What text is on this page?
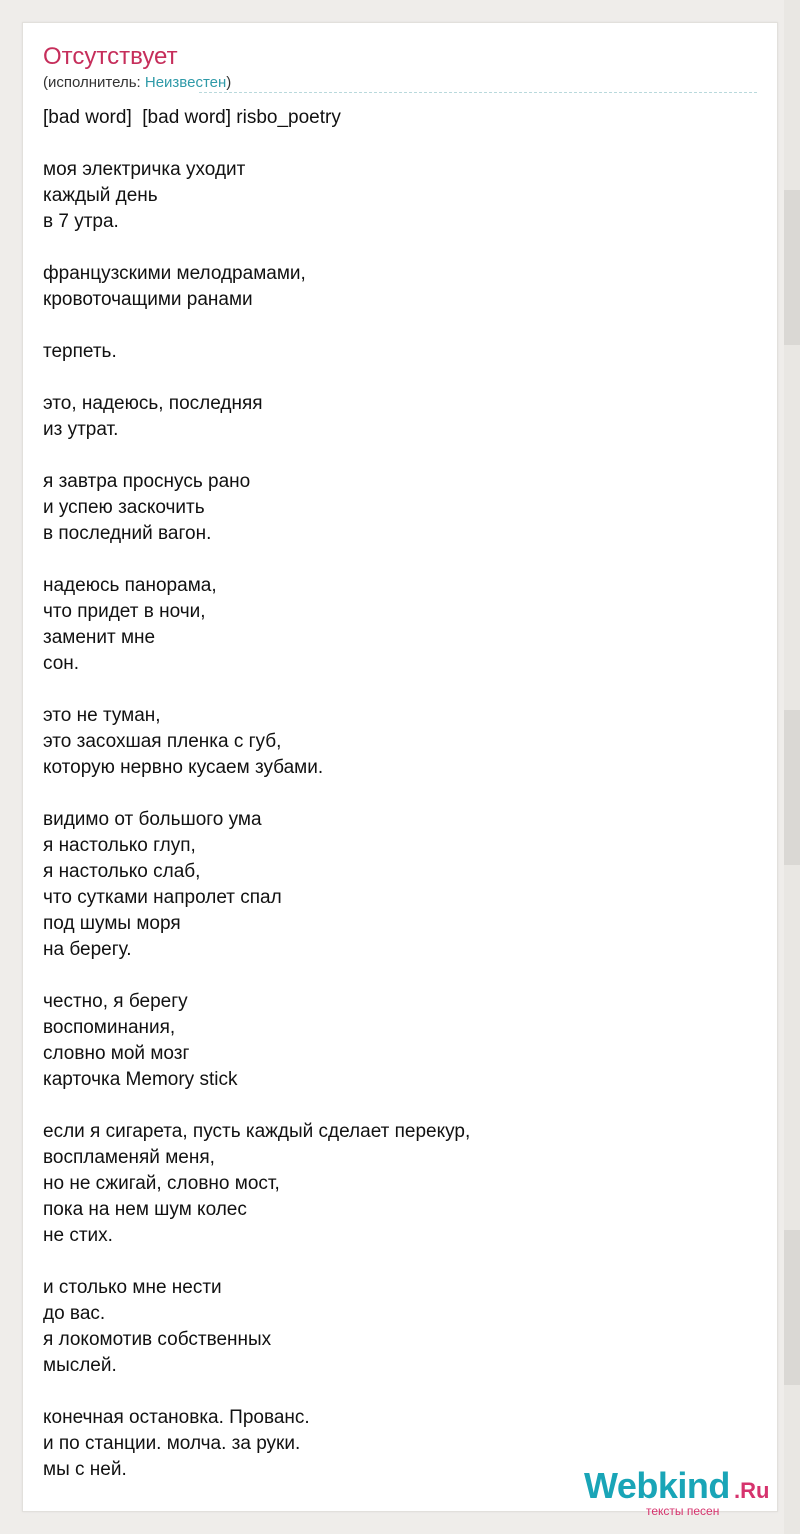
Отсутствует
(исполнитель: Неизвестен)
[bad word]  [bad word] risbo_poetry

моя электричка уходит
каждый день
в 7 утра.

французскими мелодрамами,
кровоточащими ранами

терпеть.

это, надеюсь, последняя
из утрат.

я завтра проснусь рано
и успею заскочить
в последний вагон.

надеюсь панорама,
что придет в ночи,
заменит мне
сон.

это не туман,
это засохшая пленка с губ,
которую нервно кусаем зубами.

видимо от большого ума
я настолько глуп,
я настолько слаб,
что сутками напролет спал
под шумы моря
на берегу.

честно, я берегу
воспоминания,
словно мой мозг
карточка Memory stick

если я сигарета, пусть каждый сделает перекур,
воспламеняй меня,
но не сжигай, словно мост,
пока на нем шум колес
не стих.

и столько мне нести
до вас.
я локомотив собственных
мыслей.

конечная остановка. Прованс.
и по станции. молча. за руки.
мы с ней.	Webkind .Ru
тексты песен
